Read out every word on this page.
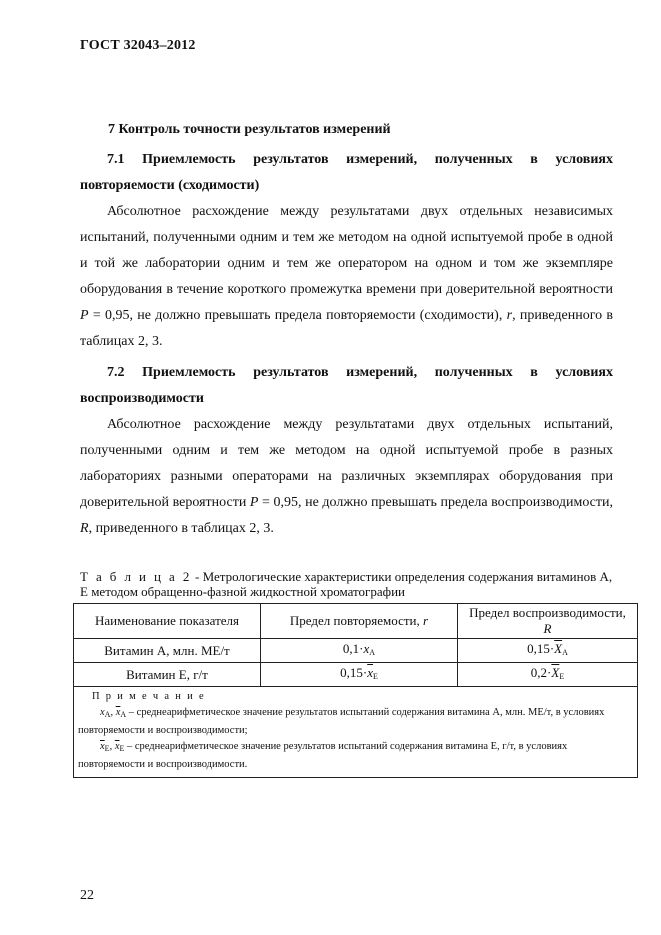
ГОСТ 32043–2012
7 Контроль точности результатов измерений
7.1 Приемлемость результатов измерений, полученных в условиях повторяемости (сходимости)
Абсолютное расхождение между результатами двух отдельных независимых испытаний, полученными одним и тем же методом на одной испытуемой пробе в одной и той же лаборатории одним и тем же оператором на одном и том же экземпляре оборудования в течение короткого промежутка времени при доверительной вероятности P = 0,95, не должно превышать предела повторяемости (сходимости), r, приведенного в таблицах 2, 3.
7.2 Приемлемость результатов измерений, полученных в условиях воспроизводимости
Абсолютное расхождение между результатами двух отдельных испытаний, полученными одним и тем же методом на одной испытуемой пробе в разных лабораториях разными операторами на различных экземплярах оборудования при доверительной вероятности P = 0,95, не должно превышать предела воспроизводимости, R, приведенного в таблицах 2, 3.
Т а б л и ц а 2 - Метрологические характеристики определения содержания витаминов А, Е методом обращенно-фазной жидкостной хроматографии
Наименование показателя	Предел повторяемости, r	Предел воспроизводимости,
R
Витамин А, млн. МЕ/т	$0,1\cdot x_A$	$0,15\cdot\overline{X}_A$
Витамин Е, г/т	$0,15\cdot\overline{x}_E$	$0,2\cdot\overline{X}_E$

П р и м е ч а н и е
$x_A$, $\overline{x}_A$ – среднеарифметическое значение результатов испытаний содержания витамина А, млн. МЕ/т, в условиях повторяемости и воспроизводимости;
$\overline{x}_E$, $\overline{x}_E$ – среднеарифметическое значение результатов испытаний содержания витамина Е, г/т, в условиях повторяемости и воспроизводимости.		
22
